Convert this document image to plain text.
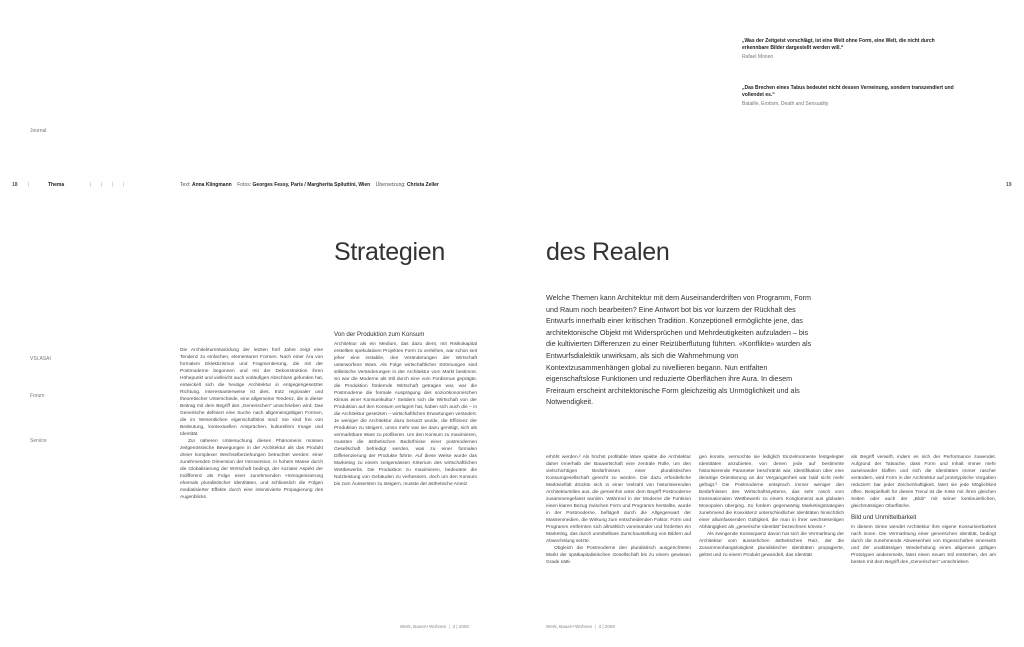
„Was der Zeitgeist vorschlägt, ist eine Welt ohne Form, eine Welt, die nicht durch erkennbare Bilder dargestellt werden will.“
Rafael Moneo
„Das Brechen eines Tabus bedeutet nicht dessen Verneinung, sondern transzendiert und vollendet es.“
Bataille, Erotism, Death and Sensuality
Journal
VSI.ASAI
Forum
Service
18 |	Thema	|       |       |       |	Text: Anna Klingmann Fotos: Georges Fessy, Paris / Margherita Spiluttini, Wien Übersetzung: Christa Zeller	19
Strategien	des Realen
Welche Themen kann Architektur mit dem Auseinanderdriften von Programm, Form und Raum noch bearbeiten? Eine Antwort bot bis vor kurzem der Rückhalt des Entwurfs innerhalb einer kritischen Tradition. Konzeptionell ermöglichte jene, das architektonische Objekt mit Widersprüchen und Mehrdeutigkeiten aufzuladen – bis die kultivierten Differenzen zu einer Reizüberflutung führten. «Konflikte» wurden als Entwurfsdialektik unwirksam, als sich die Wahrnehmung von Kontextzusammenhängen global zu nivellieren begann. Nun entfalten eigenschaftslose Funktionen und reduzierte Oberflächen ihre Aura. In diesem Freiraum erscheint architektonische Form gleichzeitig als Unmöglichkeit und als Notwendigkeit.

Die Architekturentwicklung der letzten fünf Jahre zeigt eine Tendenz zu einfachen, elementaren Formen. Nach einer Ära von formalem Eklektizismus und Fragmentierung, die mit der Postmoderne begonnen und mit der Dekonstruktion ihren Höhepunkt und vielleicht auch vorläufigen Abschluss gefunden hat, entwickelt sich die heutige Architektur in entgegengesetzter Richtung. Interessanterweise ist dies, trotz regionaler und theoretischer Unterschiede, eine allgemeine Tendenz, die in dieser Beitrag mit dem Begriff des „Generischen“ umschrieben wird. Das Generische definiert eine Suche nach allgemeingültigen Formen, die im Wesentlichen eigenschaftslos sind: Sie sind frei von Bedeutung, kontextuellen Ansprüchen, kulturellem Image und Identität.

Zur näheren Untersuchung dieses Phänomens müssen zeitgenössische Bewegungen in der Architektur als das Produkt dreier komplexer Wechselbeziehungen betrachtet werden: einer zunehmenden Dimension der Introversion, in hohem Masse durch die Globalisierung der Wirtschaft bedingt, der sozialer Aspekt der Indifferenz als Folge einer zunehmenden Homogenisierung ehemals pluralistischer Identitäten, und schliesslich die Folgen mediatisierter Effekte durch eine intensivierte Propagierung des Augenblicks.

Von der Produktion zum Konsum

Architektur als ein Medium, das dazu dient, mit Risikokapital erstellten spekulativen Projekten Form zu verleihen, war schon seit jeher eine instabile, den Veränderungen der Wirtschaft unterworfene Ware. Als Folge wirtschaftlicher Strömungen sind stilistische Veränderungen in der Architektur vom Markt bestimmt. So war die Moderne als Stil durch eine vom Fordismus geprägte, die Produktion fördernde Wirtschaft getragen war, war die Postmoderne die formale Ausprägung des sozioökonomischen Klimas einer Konsumkultur.¹ Seitdem sich die Wirtschaft von der Produktion auf den Konsum verlagert hat, haben sich auch die – in die Architektur gesetzten – wirtschaftlichen Erwartungen verändert. Je weniger die Architektur dazu benutzt wurde, die Effizienz der Produktion zu steigern, umso mehr war sie dazu genötigt, sich als vermarktbare Ware zu profilieren. Um den Konsum zu maximieren, mussten die ästhetischen Bedürfnisse einer postmodernen Gesellschaft befriedigt werden, was zu einer formalen Differenzierung der Produkte führte. Auf diese Weise wurde das Marketing zu einem zeitgemässen Kriterium des wirtschaftlichen Wettbewerbs. Die Produktion zu maximieren, bedeutete die Nutzleistung von Gebäuden zu verbessern, doch um den Konsum bis zum Äussersten zu steigern, musste der ästhetische Anreiz

erhöht werden.² Als höchst profitable Ware spielte die Architektur daher innerhalb der Bauwirtschaft eine zentrale Rolle, um den vielschichtigen Bedürfnissen einer pluralistischen Konsumgesellschaft gerecht zu werden. Die dazu erforderliche Marktvielfalt drückte sich in einer Vielzahl von historisierenden Architekturstilen aus, die gemeinhin unter dem Begriff Postmoderne zusammengefasst wurden. Während in der Moderne die Funktion einen klaren Bezug zwischen Form und Programm herstellte, wurde in der Postmoderne, beflügelt durch die Allgegenwart der Massenmedien, die Wirkung zum entscheidenden Faktor. Form und Programm entfernten sich allmählich voneinander und förderten ein Marketing, das durch unmittelbare Zurschaustellung von Bildern auf Abwechslung setzte.

Obgleich die Postmoderne den pluralistisch ausgerichteten Markt der spätkapitalistischen Gesellschaft bis zu einem gewissen Grade sätti-

gen konnte, vermochte sie lediglich Einzelmomente festgelegter Identitäten anzubieten, von denen jede auf bestimmte historisierende Parameter beschränkt war. Identifikation über eine derartige Orientierung an der Vergangenheit war bald nicht mehr gefragt.³ Die Postmoderne entsprach immer weniger den Bedürfnissen des Wirtschaftssystems, das sehr rasch vom transnationalen Wettbewerb zu einem Konglomerat aus globalen Monopolen überging. So fordern gegenwärtig Marketingstrategien zunehmend die Koexistenz unterschiedlicher Identitäten hinsichtlich einer allumfassenden Gültigkeit, die man in ihrer wechselseitigen Abhängigkeit als „generische Identität“ bezeichnen könnte.⁴

Als zwingende Konsequenz davon hat sich die Vermarktung der Architektur vom äusserlichen ästhetischen Reiz, der die Zusammenhangslosigkeit pluralistischer Identitäten propagierte, gelöst und zu einem Produkt gewandelt, das Identität

als Begriff verwirft, indem es sich der Performance zuwendet. Aufgrund der Tatsache, dass Form und Inhalt immer mehr auseinander klaffen und sich die Identitäten immer rascher verändern, wird Form in der Architektur auf prototypische Vorgaben reduziert: bar jeder Zeichenhaftigkeit, lässt sie jede Möglichkeit offen. Beispielhaft für diesen Trend ist die Kiste mit ihren gleichen Seiten oder auch der „Blob“ mit seiner kontinuierlichen, gleichmässigen Oberfläche.

Bild und Unmittelbarkeit

In diesem Sinne wendet Architektur ihre eigene Konsumierbarkeit nach innen. Die Vermarktung einer generischen Identität, bedingt durch die zunehmende Abwesenheit von Eigenschaften einerseits und der unablässigen Wiederholung eines allgemein gültigen Prototypen andererseits, lässt einen neuen Stil entstehen, der am besten mit dem Begriff des „Generischen“ umschrieben

Werk, Bauen+Wohnen  |  3 | 2000	Werk, Bauen+Wohnen  |  3 | 2000
